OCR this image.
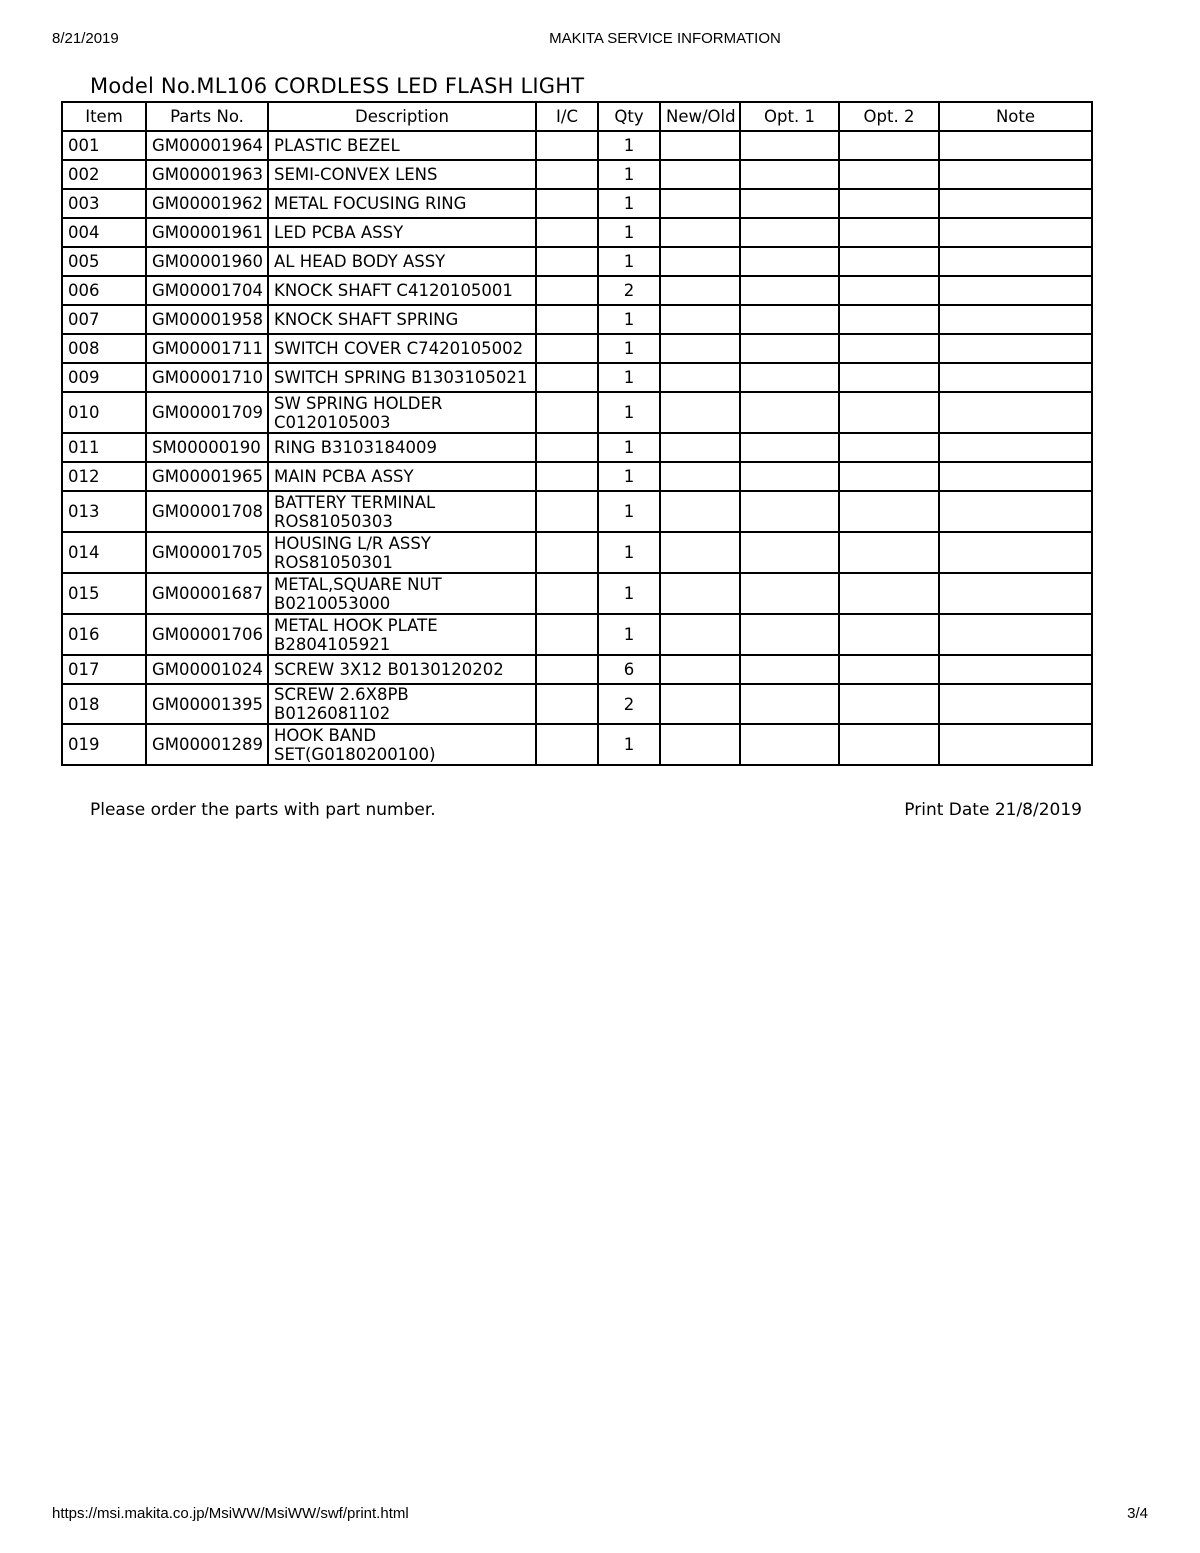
8/21/2019	MAKITA SERVICE INFORMATION
Model No.ML106 CORDLESS LED FLASH LIGHT
Item	Parts No.	Description	I/C	Qty	New/Old	Opt. 1	Opt. 2	Note
001	GM00001964	PLASTIC BEZEL		1				
002	GM00001963	SEMI-CONVEX LENS		1				
003	GM00001962	METAL FOCUSING RING		1				
004	GM00001961	LED PCBA ASSY		1				
005	GM00001960	AL HEAD BODY ASSY		1				
006	GM00001704	KNOCK SHAFT C4120105001		2				
007	GM00001958	KNOCK SHAFT SPRING		1				
008	GM00001711	SWITCH COVER C7420105002		1				
009	GM00001710	SWITCH SPRING B1303105021		1				
010	GM00001709	SW SPRING HOLDER C0120105003		1				
011	SM00000190	RING B3103184009		1				
012	GM00001965	MAIN PCBA ASSY		1				
013	GM00001708	BATTERY TERMINAL ROS81050303		1				
014	GM00001705	HOUSING L/R ASSY ROS81050301		1				
015	GM00001687	METAL,SQUARE NUT B0210053000		1				
016	GM00001706	METAL HOOK PLATE B2804105921		1				
017	GM00001024	SCREW 3X12 B0130120202		6				
018	GM00001395	SCREW 2.6X8PB B0126081102		2				
019	GM00001289	HOOK BAND SET(G0180200100)		1				
Please order the parts with part number.	Print Date 21/8/2019
https://msi.makita.co.jp/MsiWW/MsiWW/swf/print.html	3/4
